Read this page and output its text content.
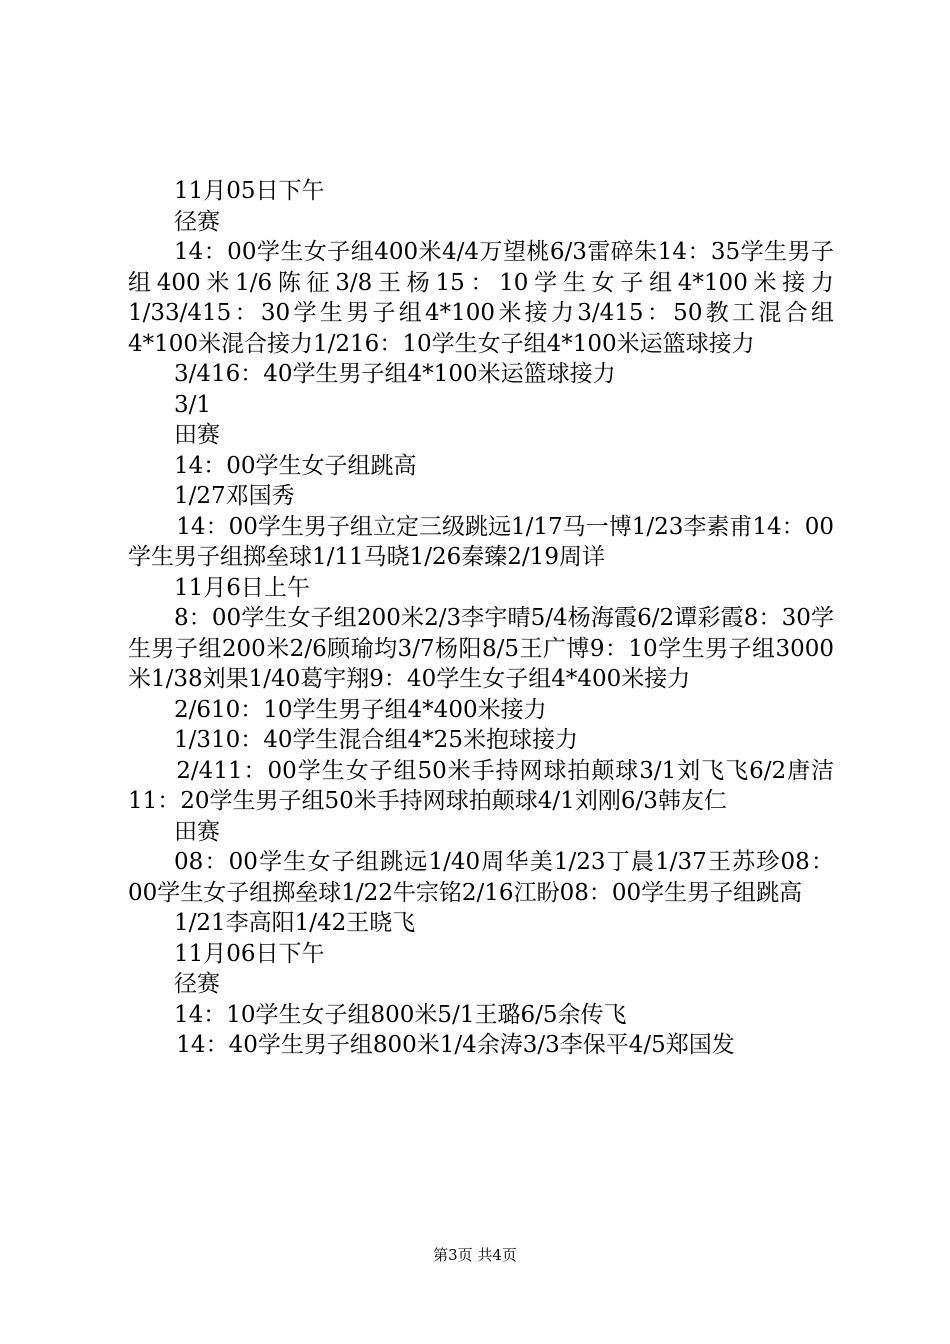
11月05日下午

径赛

14：00学生女子组400米4/4万望桃6/3雷碎朱14：35学生男子组400米1/6陈征3/8王杨15：10学生女子组4*100米接力1/33/415：30学生男子组4*100米接力3/415：50教工混合组4*100米混合接力1/216：10学生女子组4*100米运篮球接力

3/416：40学生男子组4*100米运篮球接力

3/1

田赛

14：00学生女子组跳高

1/27邓国秀

14：00学生男子组立定三级跳远1/17马一博1/23李素甫14：00学生男子组掷垒球1/11马晓1/26秦臻2/19周详

11月6日上午

8：00学生女子组200米2/3李宇晴5/4杨海霞6/2谭彩霞8：30学生男子组200米2/6顾瑜均3/7杨阳8/5王广博9：10学生男子组3000米1/38刘果1/40葛宇翔9：40学生女子组4*400米接力

2/610：10学生男子组4*400米接力

1/310：40学生混合组4*25米抱球接力

2/411：00学生女子组50米手持网球拍颠球3/1刘飞飞6/2唐洁11：20学生男子组50米手持网球拍颠球4/1刘刚6/3韩友仁

田赛

08：00学生女子组跳远1/40周华美1/23丁晨1/37王苏珍08：00学生女子组掷垒球1/22牛宗铭2/16江盼08：00学生男子组跳高

1/21李高阳1/42王晓飞

11月06日下午

径赛

14：10学生女子组800米5/1王璐6/5余传飞

14：40学生男子组800米1/4余涛3/3李保平4/5郑国发

第3页 共4页
